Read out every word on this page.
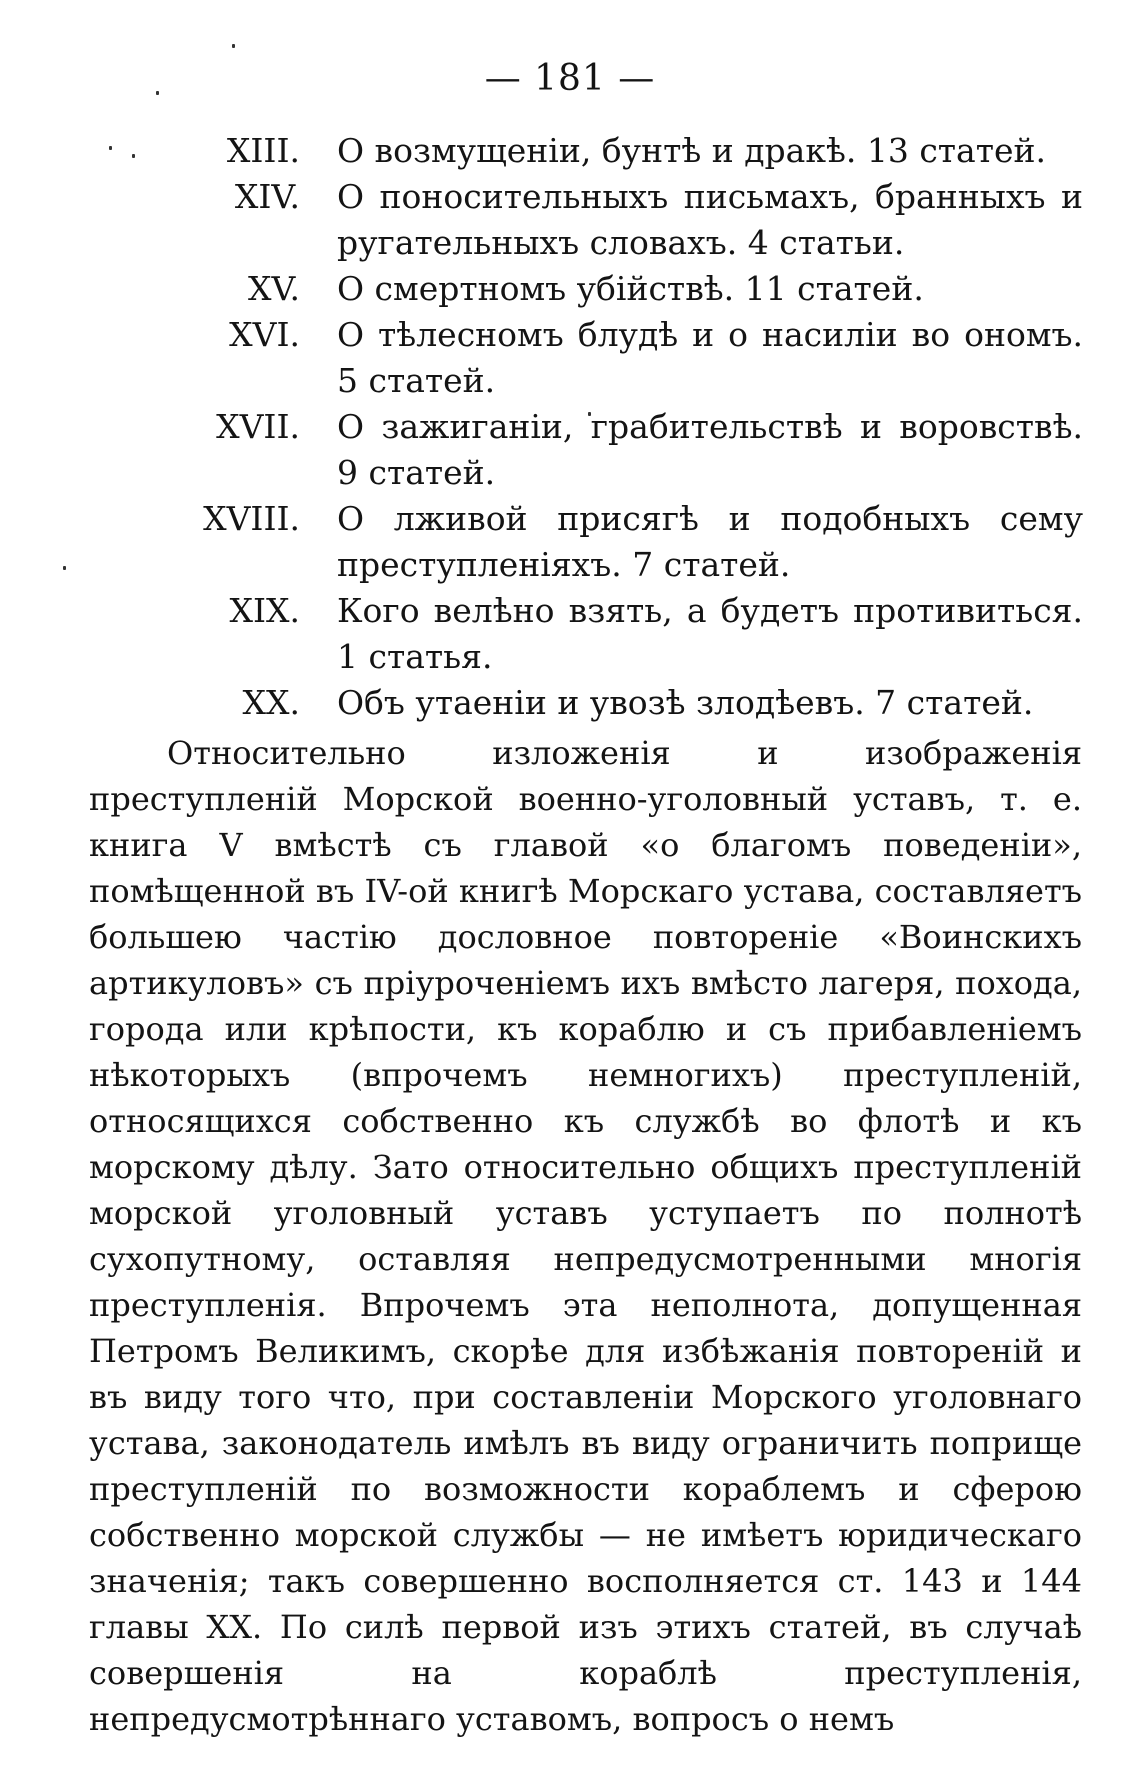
— 181 —
XIII. О возмущеніи, бунтѣ и дракѣ. 13 статей.
XIV. О поносительныхъ письмахъ, бранныхъ и ругательныхъ словахъ. 4 статьи.
XV. О смертномъ убійствѣ. 11 статей.
XVI. О тѣлесномъ блудѣ и о насиліи во ономъ. 5 статей.
XVII. О зажиганіи, грабительствѣ и воровствѣ. 9 статей.
XVIII. О лживой присягѣ и подобныхъ сему преступленіяхъ. 7 статей.
XIX. Кого велѣно взять, а будетъ противиться. 1 статья.
XX. Объ утаеніи и увозѣ злодѣевъ. 7 статей.

Относительно изложенія и изображенія преступленій Морской военно-уголовный уставъ, т. е. книга V вмѣстѣ съ главой «о благомъ поведеніи», помѣщенной въ IV-ой книгѣ Морскаго устава, составляетъ большею частію дословное повтореніе «Воинскихъ артикуловъ» съ пріуроченіемъ ихъ вмѣсто лагеря, похода, города или крѣпости, къ кораблю и съ прибавленіемъ нѣкоторыхъ (впрочемъ немногихъ) преступленій, относящихся собственно къ службѣ во флотѣ и къ морскому дѣлу. Зато относительно общихъ преступленій морской уголовный уставъ уступаетъ по полнотѣ сухопутному, оставляя непредусмотренными многія преступленія. Впрочемъ эта неполнота, допущенная Петромъ Великимъ, скорѣе для избѣжанія повтореній и въ виду того что, при составленіи Морского уголовнаго устава, законодатель имѣлъ въ виду ограничить поприще преступленій по возможности кораблемъ и сферою собственно морской службы — не имѣетъ юридическаго значенія; такъ совершенно восполняется ст. 143 и 144 главы XX. По силѣ первой изъ этихъ статей, въ случаѣ совершенія на кораблѣ преступленія, непредусмотрѣннаго уставомъ, вопросъ о немъ
